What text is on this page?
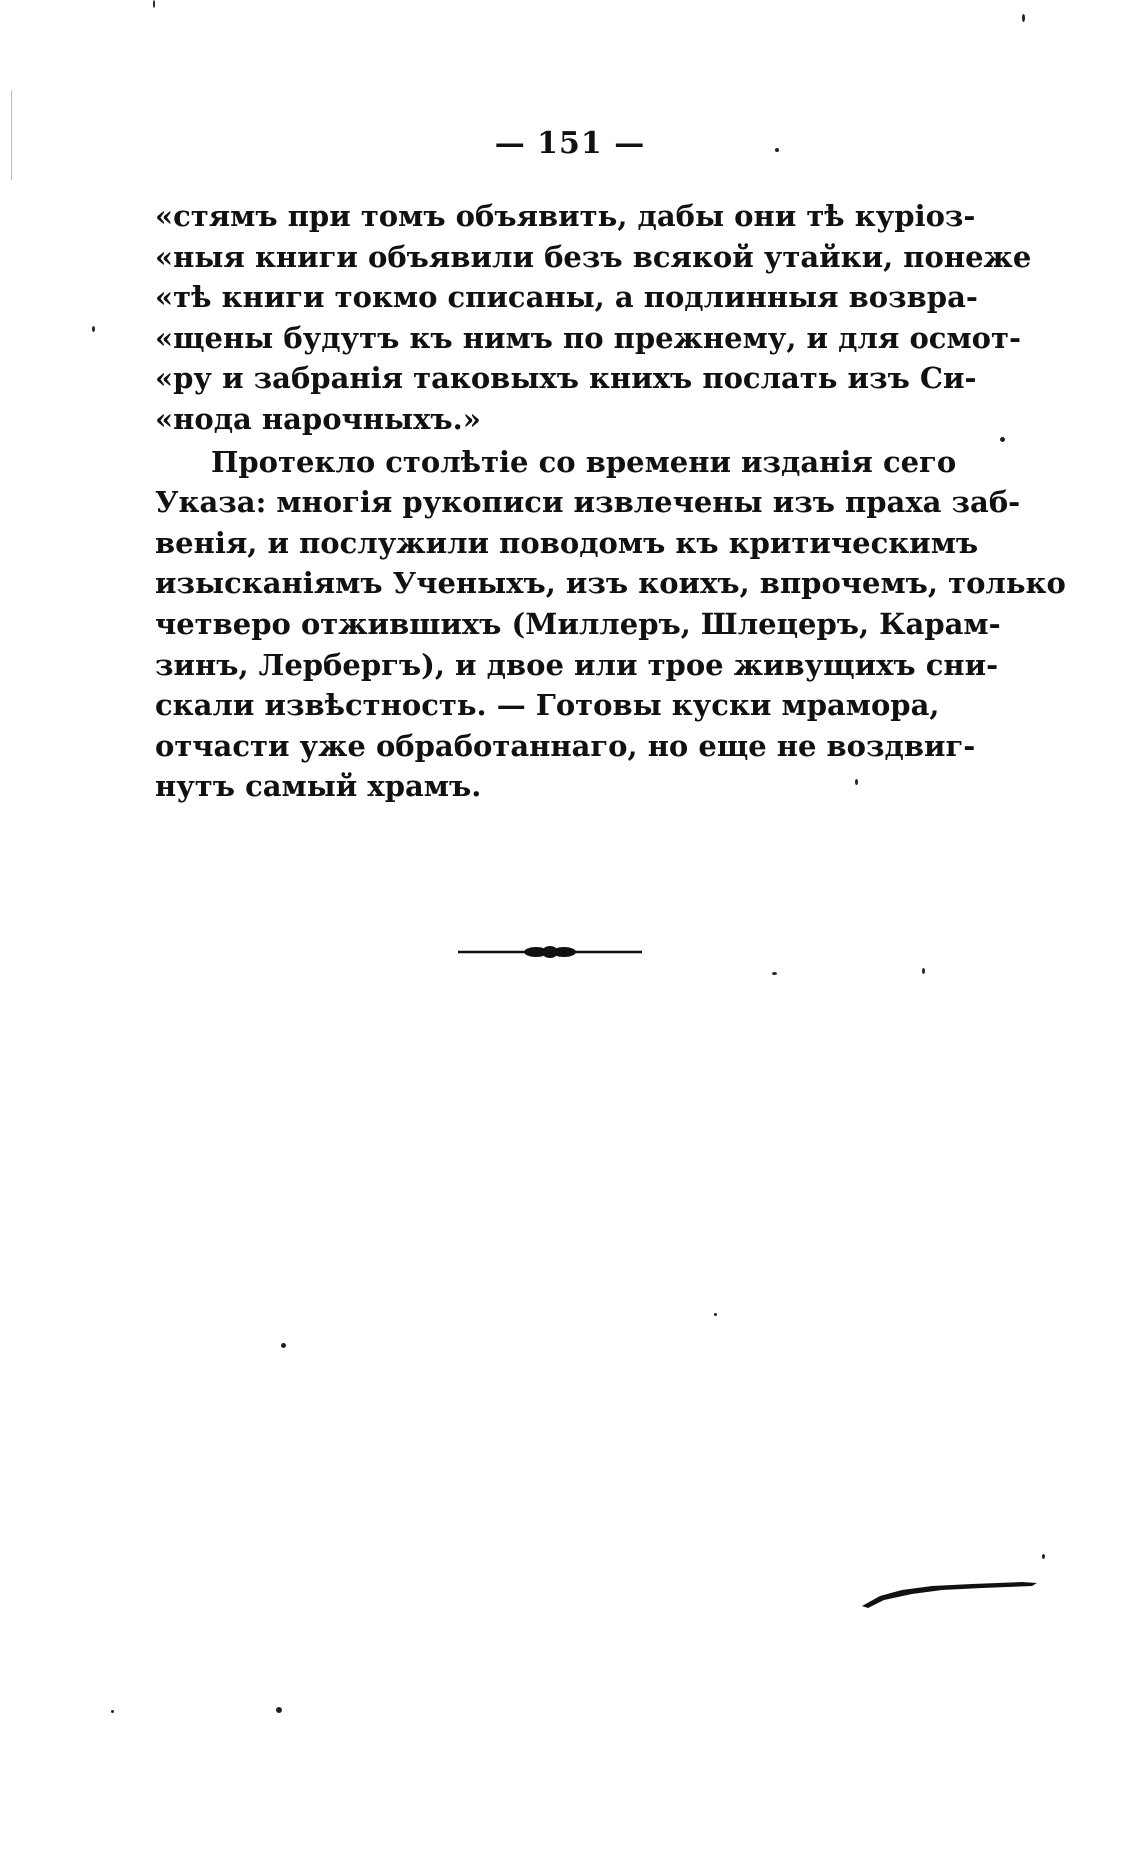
— 151 —
«стямъ при томъ объявить, дабы они тѣ курioз-
«ныя книги объявили безъ всякой утайки, понеже
«тѣ книги токмо списаны, а подлинныя возвра-
«щены будутъ къ нимъ по прежнему, и для осмот-
«ру и забранiя таковыхъ книхъ послать изъ Си-
«нода нарочныхъ.»
Протекло столѣтiе со времени изданiя сего
Указа: многiя рукописи извлечены изъ праха заб-
венiя, и послужили поводомъ къ критическимъ
изысканiямъ Ученыхъ, изъ коихъ, впрочемъ, только
четверо отжившихъ (Миллеръ, Шлецеръ, Карам-
зинъ, Лербергъ), и двое или трое живущихъ сни-
скали извѣстность. — Готовы куски мрамора,
отчасти уже обработаннаго, но еще не воздвиг-
нутъ самый храмъ.
